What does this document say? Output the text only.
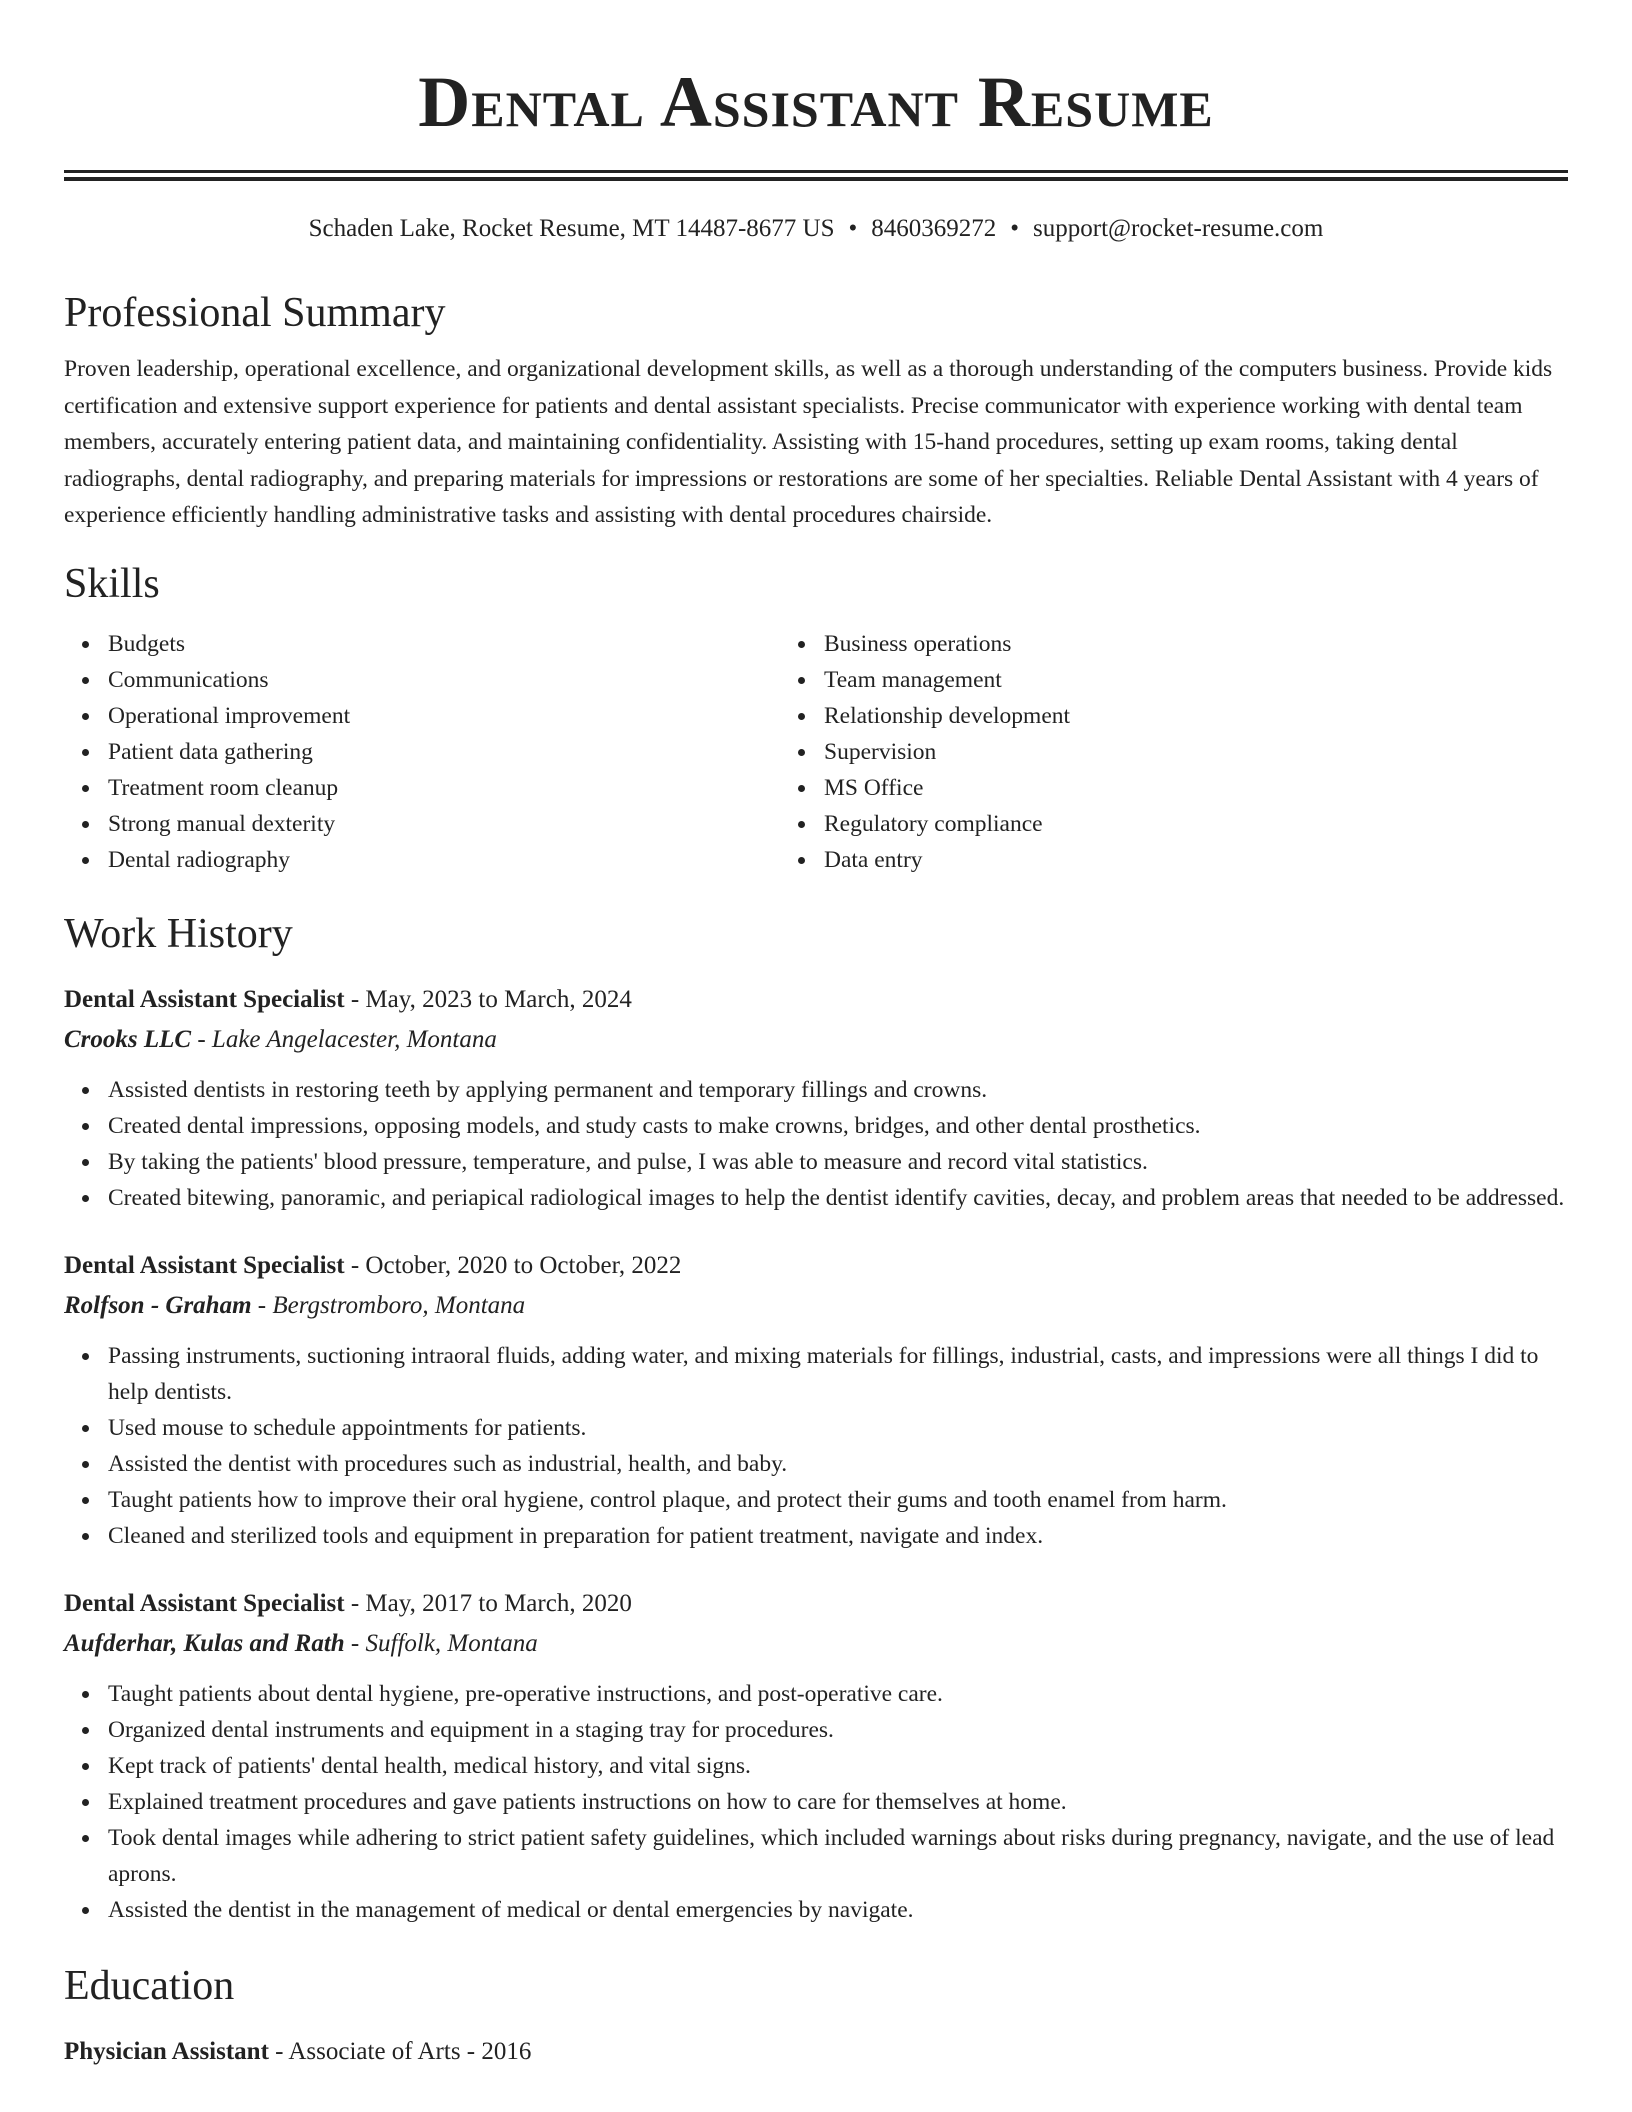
Dental Assistant Resume
Schaden Lake, Rocket Resume, MT 14487-8677 US • 8460369272 • support@rocket-resume.com
Professional Summary

Proven leadership, operational excellence, and organizational development skills, as well as a thorough understanding of the computers business. Provide kids certification and extensive support experience for patients and dental assistant specialists. Precise communicator with experience working with dental team members, accurately entering patient data, and maintaining confidentiality. Assisting with 15-hand procedures, setting up exam rooms, taking dental radiographs, dental radiography, and preparing materials for impressions or restorations are some of her specialties. Reliable Dental Assistant with 4 years of experience efficiently handling administrative tasks and assisting with dental procedures chairside.

Skills
Budgets
Communications
Operational improvement
Patient data gathering
Treatment room cleanup
Strong manual dexterity
Dental radiography
Business operations
Team management
Relationship development
Supervision
MS Office
Regulatory compliance
Data entry
Work History
Dental Assistant Specialist - May, 2023 to March, 2024
Crooks LLC - Lake Angelacester, Montana
Assisted dentists in restoring teeth by applying permanent and temporary fillings and crowns.
Created dental impressions, opposing models, and study casts to make crowns, bridges, and other dental prosthetics.
By taking the patients' blood pressure, temperature, and pulse, I was able to measure and record vital statistics.
Created bitewing, panoramic, and periapical radiological images to help the dentist identify cavities, decay, and problem areas that needed to be addressed.
Dental Assistant Specialist - October, 2020 to October, 2022
Rolfson - Graham - Bergstromboro, Montana
Passing instruments, suctioning intraoral fluids, adding water, and mixing materials for fillings, industrial, casts, and impressions were all things I did to help dentists.
Used mouse to schedule appointments for patients.
Assisted the dentist with procedures such as industrial, health, and baby.
Taught patients how to improve their oral hygiene, control plaque, and protect their gums and tooth enamel from harm.
Cleaned and sterilized tools and equipment in preparation for patient treatment, navigate and index.
Dental Assistant Specialist - May, 2017 to March, 2020
Aufderhar, Kulas and Rath - Suffolk, Montana
Taught patients about dental hygiene, pre-operative instructions, and post-operative care.
Organized dental instruments and equipment in a staging tray for procedures.
Kept track of patients' dental health, medical history, and vital signs.
Explained treatment procedures and gave patients instructions on how to care for themselves at home.
Took dental images while adhering to strict patient safety guidelines, which included warnings about risks during pregnancy, navigate, and the use of lead aprons.
Assisted the dentist in the management of medical or dental emergencies by navigate.
Education
Physician Assistant - Associate of Arts - 2016
